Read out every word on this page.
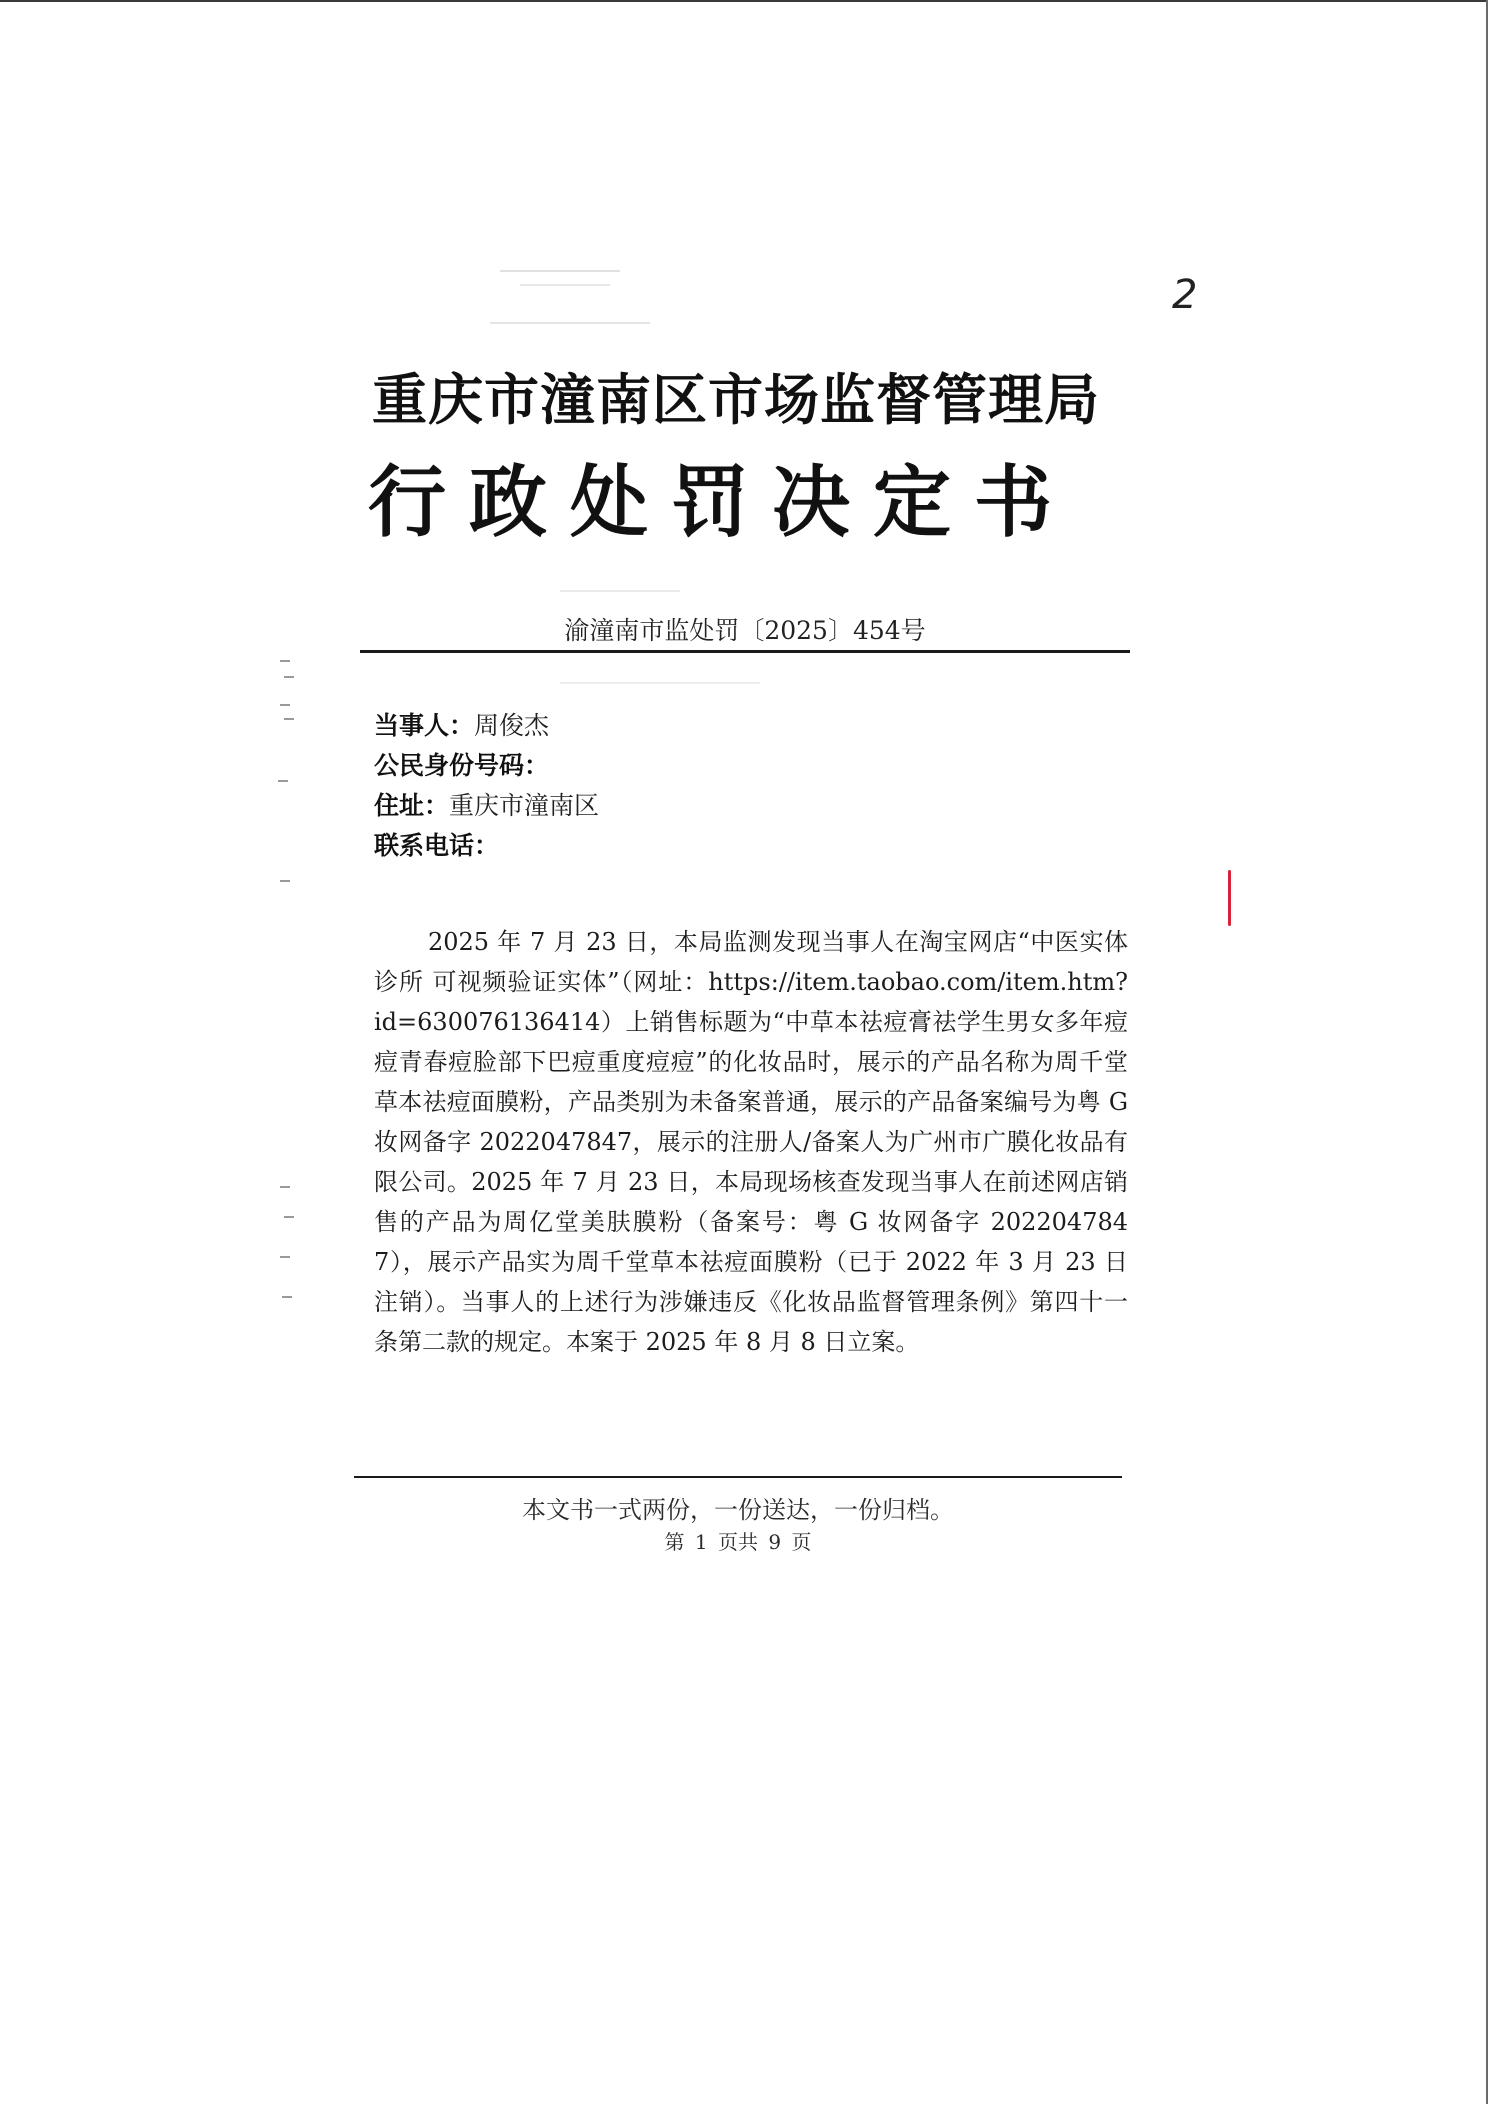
2
重庆市潼南区市场监督管理局
行政处罚决定书
渝潼南市监处罚〔2025〕454号
当事人：周俊杰
公民身份号码：
住址：重庆市潼南区
联系电话：
2025 年 7 月 23 日，本局监测发现当事人在淘宝网店“中医实体诊所 可视频验证实体”（网址：https://item.taobao.com/item.htm? id=630076136414）上销售标题为“中草本祛痘膏祛学生男女多年痘痘青春痘脸部下巴痘重度痘痘”的化妆品时，展示的产品名称为周千堂草本祛痘面膜粉，产品类别为未备案普通，展示的产品备案编号为粤 G 妆网备字 2022047847，展示的注册人/备案人为广州市广膜化妆品有限公司。2025 年 7 月 23 日，本局现场核查发现当事人在前述网店销售的产品为周亿堂美肤膜粉（备案号：粤 G 妆网备字 2022047847），展示产品实为周千堂草本祛痘面膜粉（已于 2022 年 3 月 23 日注销）。当事人的上述行为涉嫌违反《化妆品监督管理条例》第四十一条第二款的规定。本案于 2025 年 8 月 8 日立案。
本文书一式两份，一份送达，一份归档。
第 1 页共 9 页
